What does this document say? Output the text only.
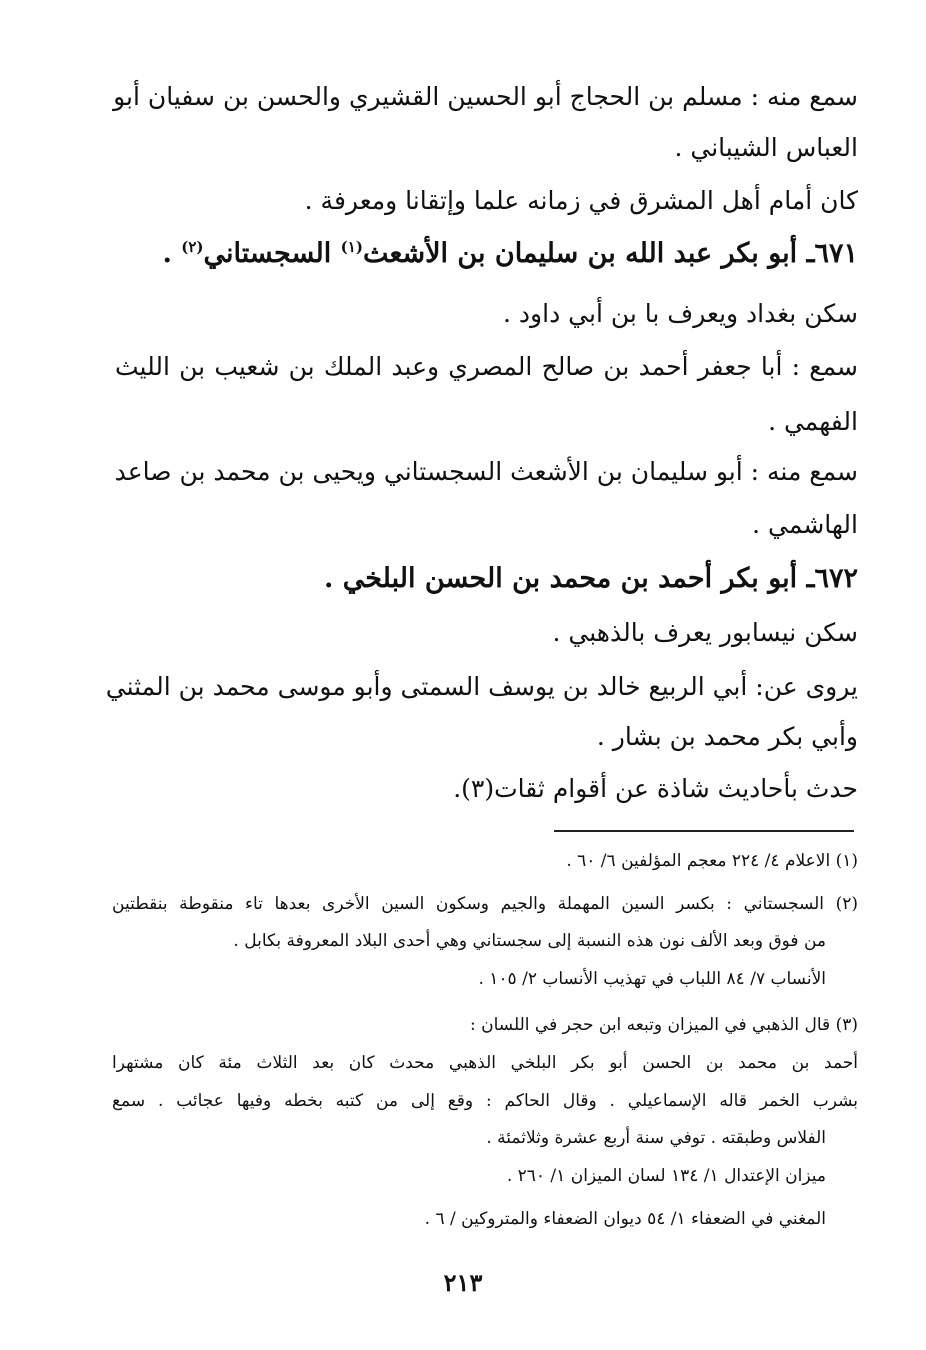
سمع منه : مسلم بن الحجاج أبو الحسين القشيري والحسن بن سفيان أبو
العباس الشيباني .
كان أمام أهل المشرق في زمانه علما وإتقانا ومعرفة .
٦٧١ـ أبو بكر عبد الله بن سليمان بن الأشعث$^{(١)}$ السجستاني$^{(٢)}$ .
سكن بغداد ويعرف با بن أبي داود .
سمع : أبا جعفر أحمد بن صالح المصري وعبد الملك بن شعيب بن الليث
الفهمي .
سمع منه : أبو سليمان بن الأشعث السجستاني ويحيى بن محمد بن صاعد
الهاشمي .
٦٧٢ـ أبو بكر أحمد بن محمد بن الحسن البلخي .
سكن نيسابور يعرف بالذهبي .
يروى عن: أبي الربيع خالد بن يوسف السمتى وأبو موسى محمد بن المثني
وأبي بكر محمد بن بشار .
حدث بأحاديث شاذة عن أقوام ثقات(٣).
(١) الاعلام ٤/ ٢٢٤ معجم المؤلفين ٦/ ٦٠ .
(٢) السجستاني : بكسر السين المهملة والجيم وسكون السين الأخرى بعدها تاء منقوطة بنقطتين
من فوق وبعد الألف نون هذه النسبة إلى سجستاني وهي أحدى البلاد المعروفة بكابل .
الأنساب ٧/ ٨٤ اللباب في تهذيب الأنساب ٢/ ١٠٥ .
(٣) قال الذهبي في الميزان وتبعه ابن حجر في اللسان :
أحمد بن محمد بن الحسن أبو بكر البلخي الذهبي محدث كان بعد الثلاث مئة كان مشتهرا
بشرب الخمر قاله الإسماعيلي . وقال الحاكم : وقع إلى من كتبه بخطه وفيها عجائب . سمع
الفلاس وطبقته . توفي سنة أربع عشرة وثلاثمئة .
ميزان الإعتدال ١/ ١٣٤ لسان الميزان ١/ ٢٦٠ .
المغني في الضعفاء ١/ ٥٤ ديوان الضعفاء والمتروكين / ٦ .
٢١٣
